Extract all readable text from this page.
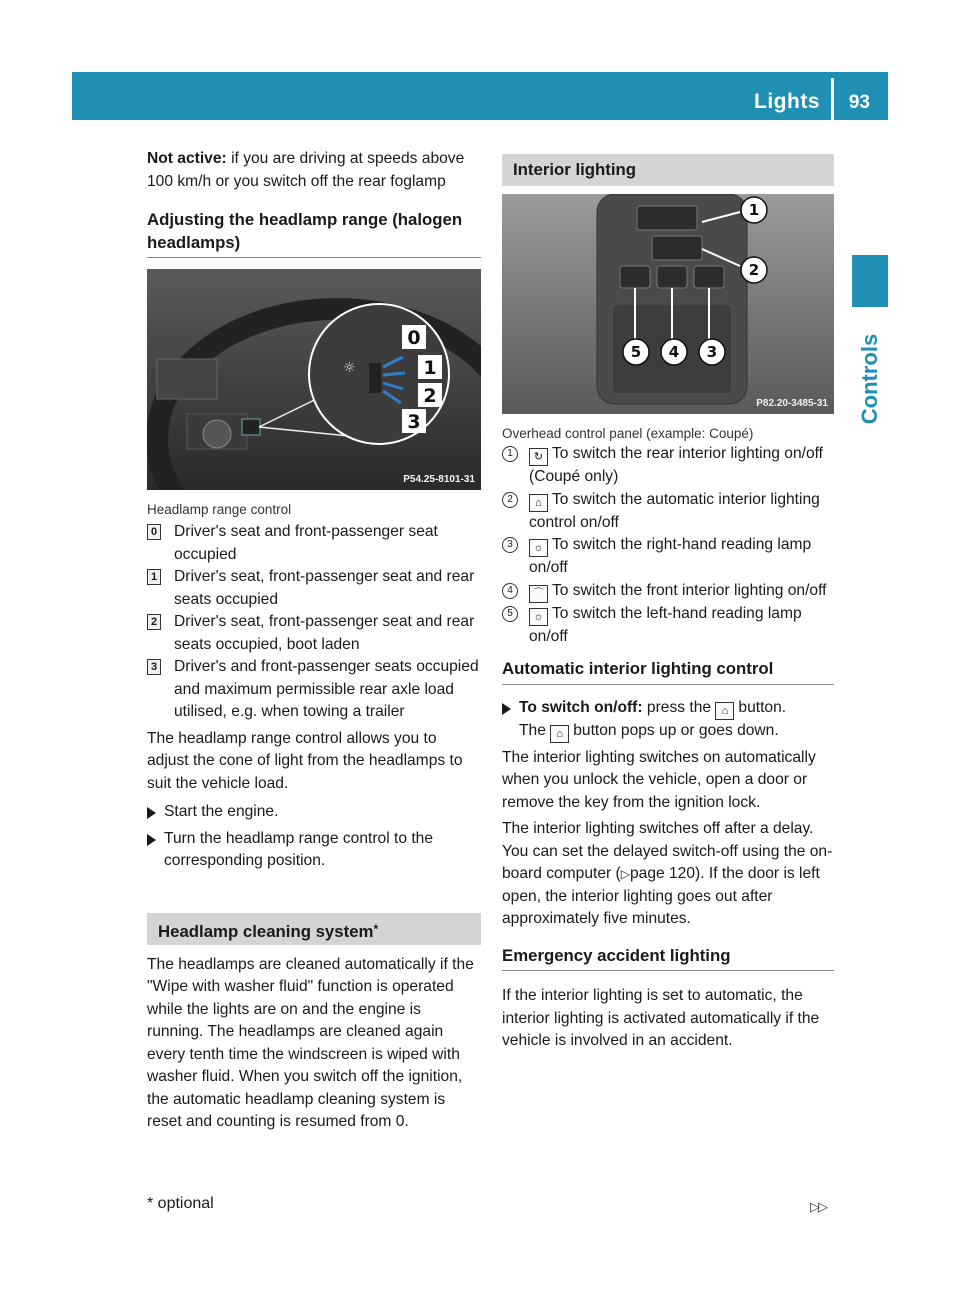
Lights 93
Controls

Not active: if you are driving at speeds above 100 km/h or you switch off the rear foglamp

Adjusting the headlamp range (halogen headlamps)
☼
0
1
2
3
P54.25-8101-31

Headlamp range control

0 Driver's seat and front-passenger seat occupied
1 Driver's seat, front-passenger seat and rear seats occupied
2 Driver's seat, front-passenger seat and rear seats occupied, boot laden
3 Driver's and front-passenger seats occupied and maximum permissible rear axle load utilised, e.g. when towing a trailer

The headlamp range control allows you to adjust the cone of light from the headlamps to suit the vehicle load.

Start the engine.
Turn the headlamp range control to the corresponding position.
Headlamp cleaning system*

The headlamps are cleaned automatically if the "Wipe with washer fluid" function is operated while the lights are on and the engine is running. The headlamps are cleaned again every tenth time the windscreen is wiped with washer fluid. When you switch off the ignition, the automatic headlamp cleaning system is reset and counting is resumed from 0.

Interior lighting
1
2
3
4
5
P82.20-3485-31

Overhead control panel (example: Coupé)

1	↻ To switch the rear interior lighting on/off (Coupé only)
2	⌂ To switch the automatic interior lighting control on/off
3	☼ To switch the right-hand reading lamp on/off
4	⌒ To switch the front interior lighting on/off
5	☼ To switch the left-hand reading lamp on/off
Automatic interior lighting control
To switch on/off: press the ⌂ button.
The ⌂ button pops up or goes down.

The interior lighting switches on automatically when you unlock the vehicle, open a door or remove the key from the ignition lock.

The interior lighting switches off after a delay. You can set the delayed switch-off using the on-board computer (▷page 120). If the door is left open, the interior lighting goes out after approximately five minutes.

Emergency accident lighting

If the interior lighting is set to automatic, the interior lighting is activated automatically if the vehicle is involved in an accident.

* optional	▷▷
